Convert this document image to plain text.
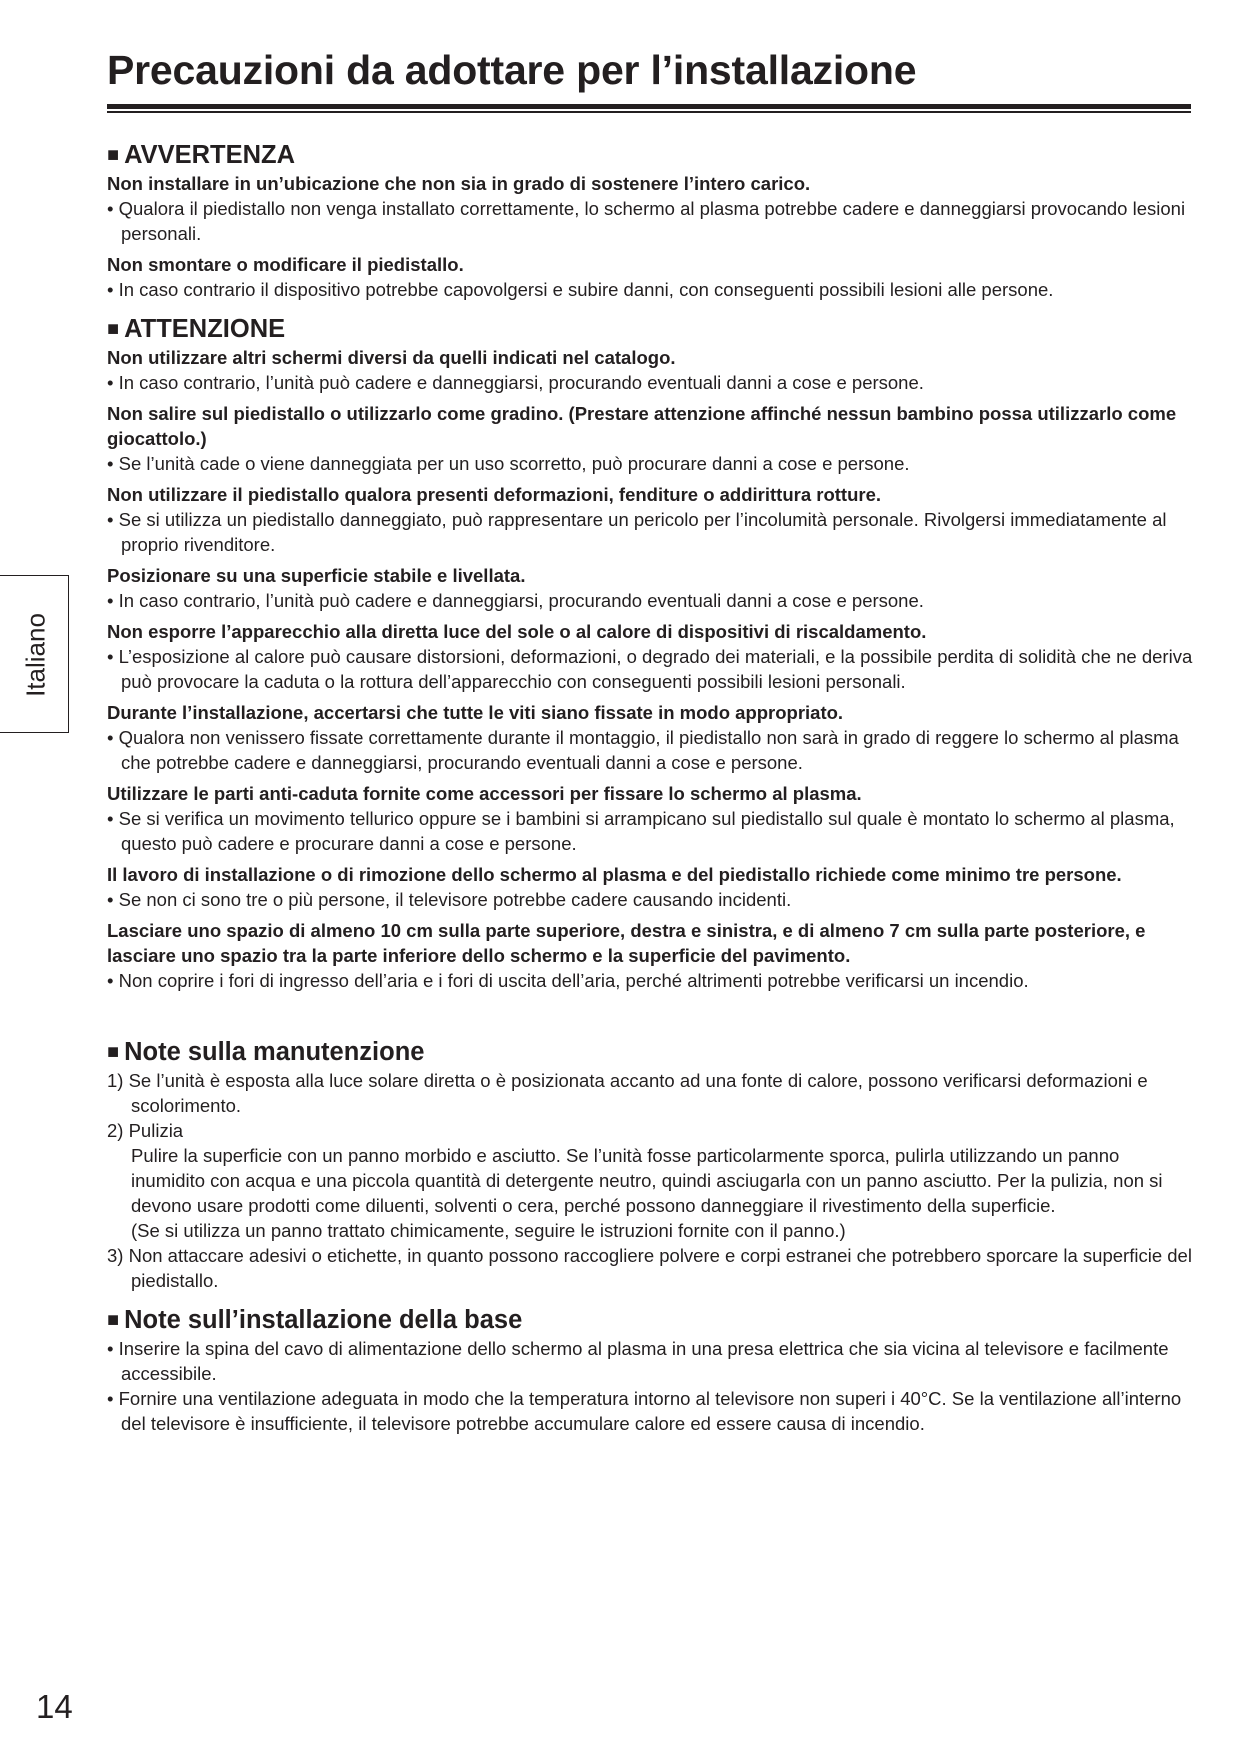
Precauzioni da adottare per l’installazione
Italiano
■ AVVERTENZA

Non installare in un’ubicazione che non sia in grado di sostenere l’intero carico.

• Qualora il piedistallo non venga installato correttamente, lo schermo al plasma potrebbe cadere e danneggiarsi provocando lesioni personali.

Non smontare o modificare il piedistallo.

• In caso contrario il dispositivo potrebbe capovolgersi e subire danni, con conseguenti possibili lesioni alle persone.

■ ATTENZIONE

Non utilizzare altri schermi diversi da quelli indicati nel catalogo.

• In caso contrario, l’unità può cadere e danneggiarsi, procurando eventuali danni a cose e persone.

Non salire sul piedistallo o utilizzarlo come gradino. (Prestare attenzione affinché nessun bambino possa utilizzarlo come giocattolo.)

• Se l’unità cade o viene danneggiata per un uso scorretto, può procurare danni a cose e persone.

Non utilizzare il piedistallo qualora presenti deformazioni, fenditure o addirittura rotture.

• Se si utilizza un piedistallo danneggiato, può rappresentare un pericolo per l’incolumità personale. Rivolgersi immediatamente al proprio rivenditore.

Posizionare su una superficie stabile e livellata.

• In caso contrario, l’unità può cadere e danneggiarsi, procurando eventuali danni a cose e persone.

Non esporre l’apparecchio alla diretta luce del sole o al calore di dispositivi di riscaldamento.

• L’esposizione al calore può causare distorsioni, deformazioni, o degrado dei materiali, e la possibile perdita di solidità che ne deriva può provocare la caduta o la rottura dell’apparecchio con conseguenti possibili lesioni personali.

Durante l’installazione, accertarsi che tutte le viti siano fissate in modo appropriato.

• Qualora non venissero fissate correttamente durante il montaggio, il piedistallo non sarà in grado di reggere lo schermo al plasma che potrebbe cadere e danneggiarsi, procurando eventuali danni a cose e persone.

Utilizzare le parti anti-caduta fornite come accessori per fissare lo schermo al plasma.

• Se si verifica un movimento tellurico oppure se i bambini si arrampicano sul piedistallo sul quale è montato lo schermo al plasma, questo può cadere e procurare danni a cose e persone.

Il lavoro di installazione o di rimozione dello schermo al plasma e del piedistallo richiede come minimo tre persone.

• Se non ci sono tre o più persone, il televisore potrebbe cadere causando incidenti.

Lasciare uno spazio di almeno 10 cm sulla parte superiore, destra e sinistra, e di almeno 7 cm sulla parte posteriore, e lasciare uno spazio tra la parte inferiore dello schermo e la superficie del pavimento.

• Non coprire i fori di ingresso dell’aria e i fori di uscita dell’aria, perché altrimenti potrebbe verificarsi un incendio.

■ Note sulla manutenzione

1) Se l’unità è esposta alla luce solare diretta o è posizionata accanto ad una fonte di calore, possono verificarsi deformazioni e scolorimento.

2) Pulizia

Pulire la superficie con un panno morbido e asciutto. Se l’unità fosse particolarmente sporca, pulirla utilizzando un panno inumidito con acqua e una piccola quantità di detergente neutro, quindi asciugarla con un panno asciutto. Per la pulizia, non si devono usare prodotti come diluenti, solventi o cera, perché possono danneggiare il rivestimento della superficie.

(Se si utilizza un panno trattato chimicamente, seguire le istruzioni fornite con il panno.)

3) Non attaccare adesivi o etichette, in quanto possono raccogliere polvere e corpi estranei che potrebbero sporcare la superficie del piedistallo.

■ Note sull’installazione della base

• Inserire la spina del cavo di alimentazione dello schermo al plasma in una presa elettrica che sia vicina al televisore e facilmente accessibile.

• Fornire una ventilazione adeguata in modo che la temperatura intorno al televisore non superi i 40°C. Se la ventilazione all’interno del televisore è insufficiente, il televisore potrebbe accumulare calore ed essere causa di incendio.

14
